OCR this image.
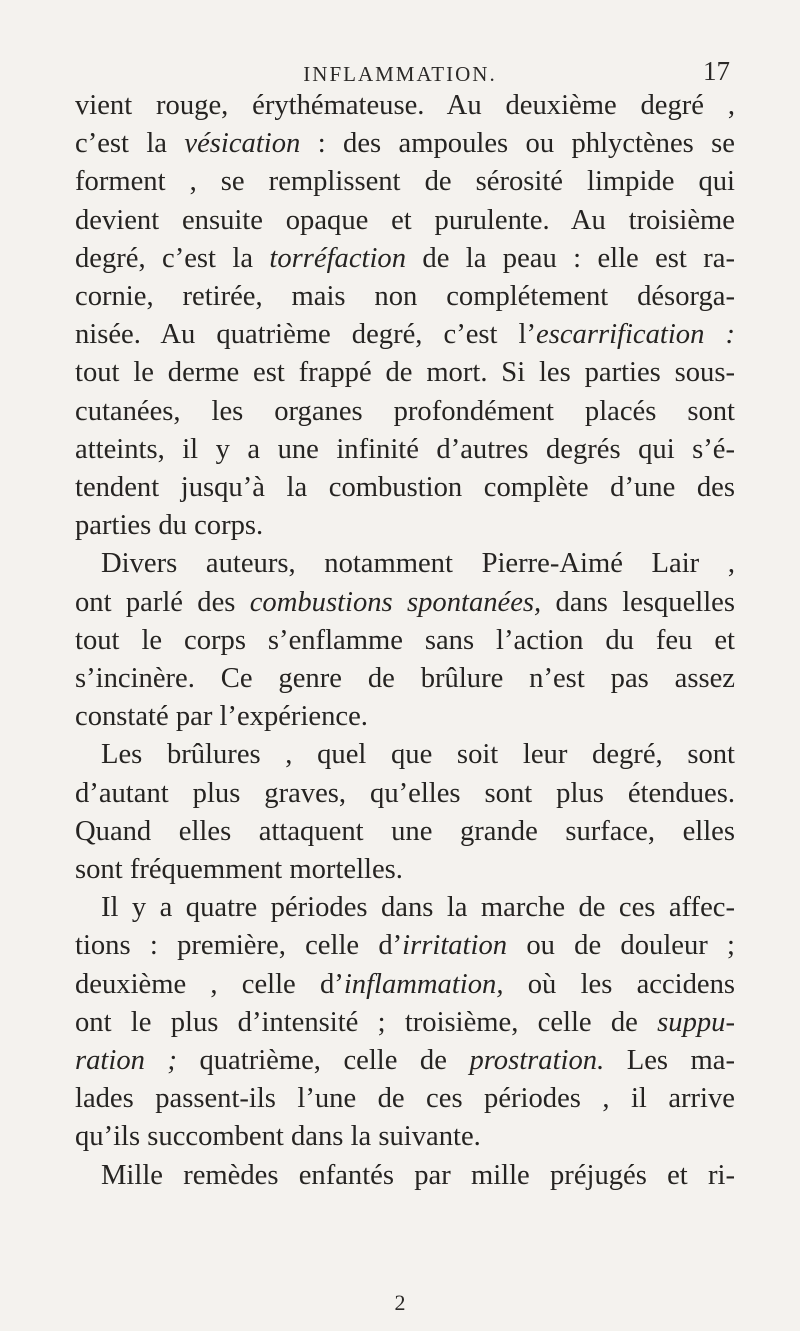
INFLAMMATION.	17
vient rouge, érythémateuse. Au deuxième degré ,
c’est la vésication : des ampoules ou phlyctènes se
forment , se remplissent de sérosité limpide qui
devient ensuite opaque et purulente. Au troisième
degré, c’est la torréfaction de la peau : elle est ra-
cornie, retirée, mais non complétement désorga-
nisée. Au quatrième degré, c’est l’escarrification :
tout le derme est frappé de mort. Si les parties sous-
cutanées, les organes profondément placés sont
atteints, il y a une infinité d’autres degrés qui s’é-
tendent jusqu’à la combustion complète d’une des
parties du corps.
Divers auteurs, notamment Pierre-Aimé Lair ,
ont parlé des combustions spontanées, dans lesquelles
tout le corps s’enflamme sans l’action du feu et
s’incinère. Ce genre de brûlure n’est pas assez
constaté par l’expérience.
Les brûlures , quel que soit leur degré, sont
d’autant plus graves, qu’elles sont plus étendues.
Quand elles attaquent une grande surface, elles
sont fréquemment mortelles.
Il y a quatre périodes dans la marche de ces affec-
tions : première, celle d’irritation ou de douleur ;
deuxième , celle d’inflammation, où les accidens
ont le plus d’intensité ; troisième, celle de suppu-
ration ; quatrième, celle de prostration. Les ma-
lades passent-ils l’une de ces périodes , il arrive
qu’ils succombent dans la suivante.
Mille remèdes enfantés par mille préjugés et ri-
2
